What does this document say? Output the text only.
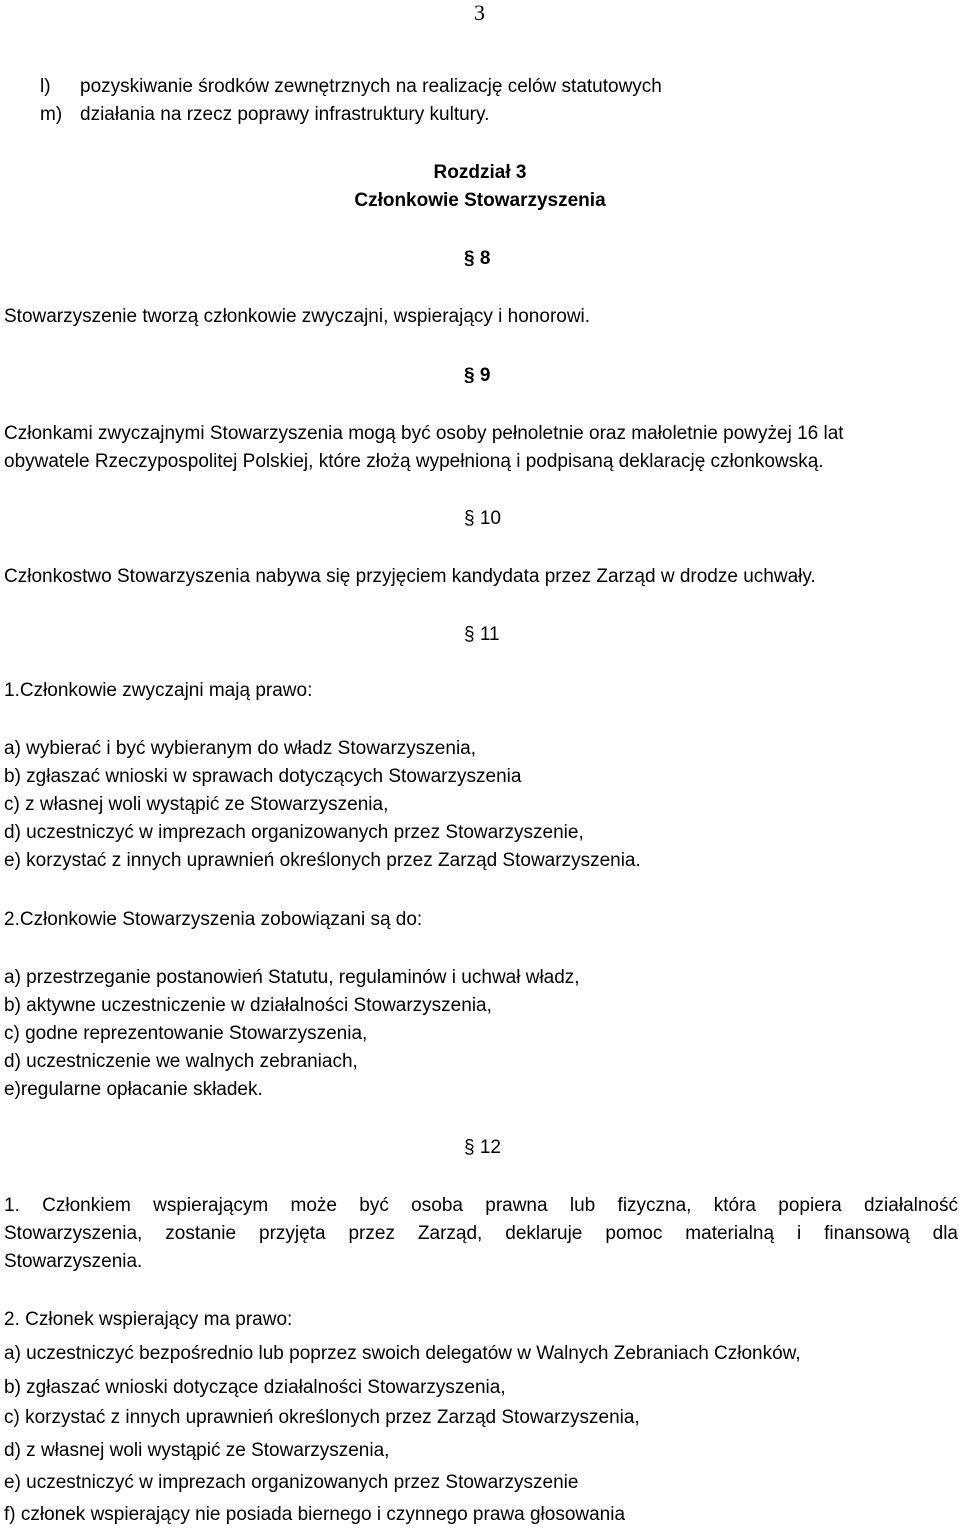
3
l) pozyskiwanie środków zewnętrznych na realizację celów statutowych
m) działania na rzecz poprawy infrastruktury kultury.
Rozdział 3
Członkowie Stowarzyszenia
§ 8
Stowarzyszenie tworzą członkowie zwyczajni, wspierający i honorowi.
§ 9
Członkami zwyczajnymi Stowarzyszenia mogą być osoby pełnoletnie oraz małoletnie powyżej 16 lat
obywatele Rzeczypospolitej Polskiej, które złożą wypełnioną i podpisaną deklarację członkowską.
§ 10
Członkostwo Stowarzyszenia nabywa się przyjęciem kandydata przez Zarząd w drodze uchwały.
§ 11
1.Członkowie zwyczajni mają prawo:
a) wybierać i być wybieranym do władz Stowarzyszenia,
b) zgłaszać wnioski w sprawach dotyczących Stowarzyszenia
c) z własnej woli wystąpić ze Stowarzyszenia,
d) uczestniczyć w imprezach organizowanych przez Stowarzyszenie,
e) korzystać z innych uprawnień określonych przez Zarząd Stowarzyszenia.
2.Członkowie Stowarzyszenia zobowiązani są do:
a) przestrzeganie postanowień Statutu, regulaminów i uchwał władz,
b) aktywne uczestniczenie w działalności Stowarzyszenia,
c) godne reprezentowanie Stowarzyszenia,
d) uczestniczenie we walnych zebraniach,
e)regularne opłacanie składek.
§ 12
1. Członkiem wspierającym może być osoba prawna lub fizyczna, która popiera działalność
Stowarzyszenia, zostanie przyjęta przez Zarząd, deklaruje pomoc materialną i finansową dla
Stowarzyszenia.
2. Członek wspierający ma prawo:
a) uczestniczyć bezpośrednio lub poprzez swoich delegatów w Walnych Zebraniach Członków,
b) zgłaszać wnioski dotyczące działalności Stowarzyszenia,
c) korzystać z innych uprawnień określonych przez Zarząd Stowarzyszenia,
d) z własnej woli wystąpić ze Stowarzyszenia,
e) uczestniczyć w imprezach organizowanych przez Stowarzyszenie
f) członek wspierający nie posiada biernego i czynnego prawa głosowania
